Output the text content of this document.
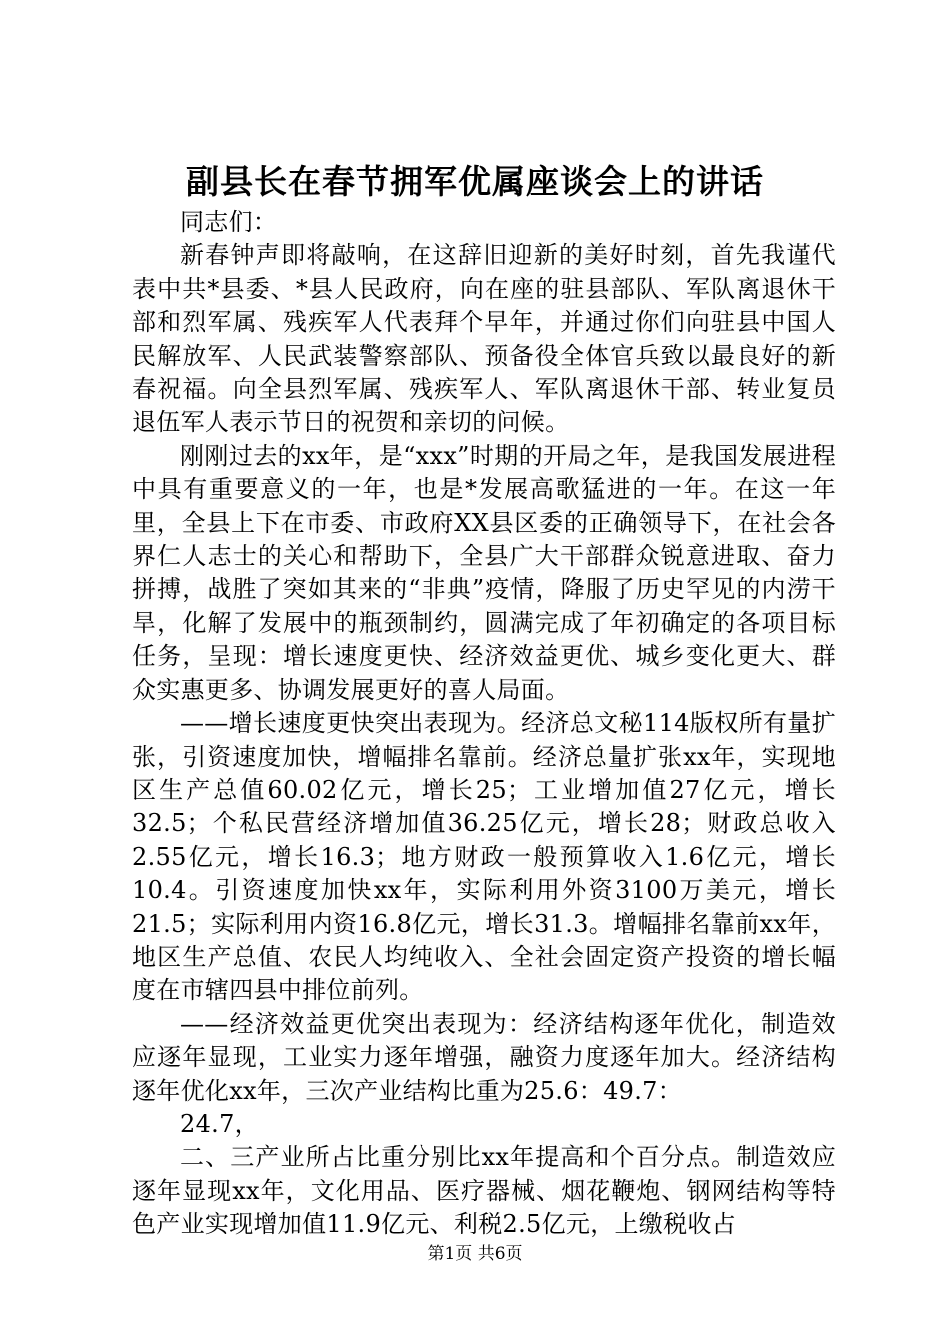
副县长在春节拥军优属座谈会上的讲话

同志们：

新春钟声即将敲响，在这辞旧迎新的美好时刻，首先我谨代表中共*县委、*县人民政府，向在座的驻县部队、军队离退休干部和烈军属、残疾军人代表拜个早年，并通过你们向驻县中国人民解放军、人民武装警察部队、预备役全体官兵致以最良好的新春祝福。向全县烈军属、残疾军人、军队离退休干部、转业复员退伍军人表示节日的祝贺和亲切的问候。

刚刚过去的xx年，是“xxx”时期的开局之年，是我国发展进程中具有重要意义的一年，也是*发展高歌猛进的一年。在这一年里，全县上下在市委、市政府XX县区委的正确领导下，在社会各界仁人志士的关心和帮助下，全县广大干部群众锐意进取、奋力拼搏，战胜了突如其来的“非典”疫情，降服了历史罕见的内涝干旱，化解了发展中的瓶颈制约，圆满完成了年初确定的各项目标任务，呈现：增长速度更快、经济效益更优、城乡变化更大、群众实惠更多、协调发展更好的喜人局面。

——增长速度更快突出表现为。经济总文秘114版权所有量扩张，引资速度加快，增幅排名靠前。经济总量扩张xx年，实现地区生产总值60.02亿元，增长25；工业增加值27亿元，增长32.5；个私民营经济增加值36.25亿元，增长28；财政总收入2.55亿元，增长16.3；地方财政一般预算收入1.6亿元，增长10.4。引资速度加快xx年，实际利用外资3100万美元，增长21.5；实际利用内资16.8亿元，增长31.3。增幅排名靠前xx年，地区生产总值、农民人均纯收入、全社会固定资产投资的增长幅度在市辖四县中排位前列。

——经济效益更优突出表现为：经济结构逐年优化，制造效应逐年显现，工业实力逐年增强，融资力度逐年加大。经济结构逐年优化xx年，三次产业结构比重为25.6：49.7：

24.7，

二、三产业所占比重分别比xx年提高和个百分点。制造效应逐年显现xx年，文化用品、医疗器械、烟花鞭炮、钢网结构等特色产业实现增加值11.9亿元、利税2.5亿元，上缴税收占

第1页 共6页
